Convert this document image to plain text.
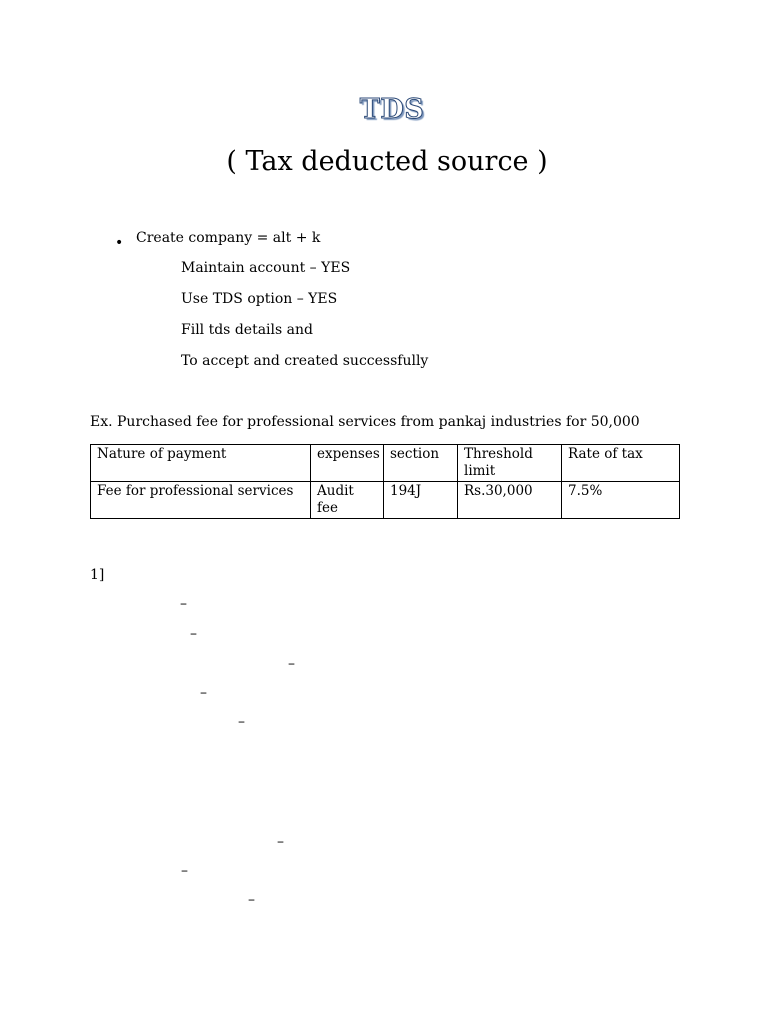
TDS
( Tax deducted source )
• Create company = alt + k
Maintain account – YES
Use TDS option – YES
Fill tds details and
To accept and created successfully
Ex. Purchased fee for professional services from pankaj industries for 50,000
Nature of payment	expenses	section	Threshold limit	Rate of tax
Fee for professional services	Audit fee	194J	Rs.30,000	7.5%
1]
–
–
–
–
–
–
–
–
